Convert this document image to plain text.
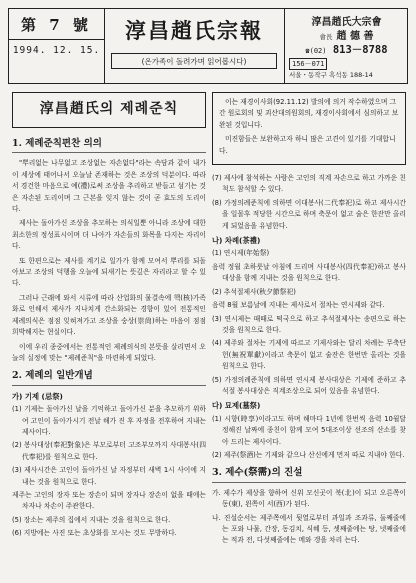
第 7 號
1994. 12. 15.
淳昌趙氏宗報
(온가족이 돌려가며 읽어봅시다)
淳昌趙氏大宗會
會長 趙 德 善
☎(02) 813－8788
156－071
서울・동작구 흑석동 188-14
淳昌趙氏의 제례준칙
1. 제례준칙편찬 의의

"뿌리없는 나무없고 조상없는 자손없다"라는 속담과 같이 내가 이 세상에 태어나서 오늘날 존재하는 것은 조상의 덕분이다. 따라서 경건한 마음으로 예(禮)로써 조상을 추리하고 받들고 섬기는 것은 자손된 도리이며 그 근본을 잊지 않는 것이 곧 효도의 도리이다.

제사는 돌아가신 조상을 추모하는 의식일뿐 아니라 조상에 대한 최소한의 정성표시이며 더 나아가 자손들의 화목을 다지는 자리이다.

또 한편으로는 제사를 계기로 일가가 함께 모여서 뿌리를 되돌아보고 조상의 덕행을 오늘에 되새기는 뜻깊은 자리라고 할 수 있다.

그러나 근래에 와서 시류에 따라 산업화의 물결속에 핵(核)가족화로 인해서 제사가 지나치게 간소화되는 경향이 있어 전통적인 제례의식은 점점 잊혀져가고 조상을 숭상(崇尙)하는 마음이 점점 희박해지는 현실이다.

이에 우리 종중에서는 전통적인 제례의식의 본뜻을 살리면서 오늘의 실정에 맞는 "제례준칙"을 마련하게 되었다.

2. 제례의 일반개념
가) 기제 (忌祭)

(1) 기제는 돌아가신 날을 기억하고 돌아가신 분을 추모하기 위하여 고인이 돌아가시기 전날 해가 진 후 자정을 전후하여 지내는 제사이다.

(2) 봉사대상(奉祀對象)은 부모로부터 고조부모까지 사대봉사(四代奉祀)를 원칙으로 한다.

(3) 제사시간은 고인이 돌아가신 날 자정부터 새벽 1시 사이에 지내는 것을 원칙으로 한다.

제주는 고인의 장자 또는 장손이 되며 장자나 장손이 없을 때에는 차자나 차손이 주관한다.

(5) 장소는 제주의 집에서 지내는 것을 원칙으로 한다.

(6) 지방에는 사진 또는 초상화를 모시는 것도 무방하다.

이는 재경이사회(92.11.12) 발의에 의거 작수하였으며 그간 원로회의 및 괴산대의원회의, 재경이사회에서 심의하고 보완된 것입니다.

미진함들은 보완하고자 하니 많은 고견이 있기를 기대합니다.

(7) 제사에 참석하는 사람은 고인의 직계 자손으로 하고 가까운 친척도 참석할 수 있다.

(8) 가정의례준칙에 의하면 이대봉사(二代奉祀)로 하고 제사시간을 일몰후 적당한 시간으로 하며 축문이 없고 술은 한잔만 올리게 되었음을 유념한다.

나) 차례(茶禮)

(1) 연시제(年始祭)

음력 정월 초하룻날 아침에 드리며 사대봉사(四代奉祀)하고 봉사대상을 함께 지내는 것을 원칙으로 한다.

(2) 추석절제사(秋夕節祭祀)

음력 8월 보름날에 지내는 제사로서 절차는 연시제와 같다.

(3) 연시제는 때때로 떡국으로 하고 추석절제사는 송편으로 하는 것을 원칙으로 한다.

(4) 제주와 절차는 기제에 따르고 기제사와는 달리 차례는 무축단헌(無祝單獻)이라고 축문이 없고 술잔은 한번만 올리는 것을 원칙으로 한다.

(5) 가정의례준칙에 의하면 연시제 봉사대상은 기제에 준하고 추석절 봉사대상은 직계조상으로 되어 있음을 유념한다.

다) 묘제(墓祭)

(1) 시향(時享)이라고도 하며 해마다 1년에 한번씩 음력 10월달 정해진 날짜에 종친이 함께 모여 5대조이상 선조의 산소를 찾아 드리는 제사이다.

(2) 제주(祭酒)는 기제와 같으나 산신에게 먼저 따로 지내야 한다.

3. 제수(祭需)의 진설

가. 제수가 제상을 향하여 신위 모신곳이 북(北)이 되고 오른쪽이 동(東), 왼쪽이 서(西)가 된다.

나. 진설순서는 제주쪽에서 뒷열로부터 과일과 조과류, 둘째줄에는 포와 나물, 간장, 동김치, 식혜 등, 셋째줄에는 탕, 넷째줄에는 적과 전, 다섯째줄에는 메와 갱을 차리 는다.
